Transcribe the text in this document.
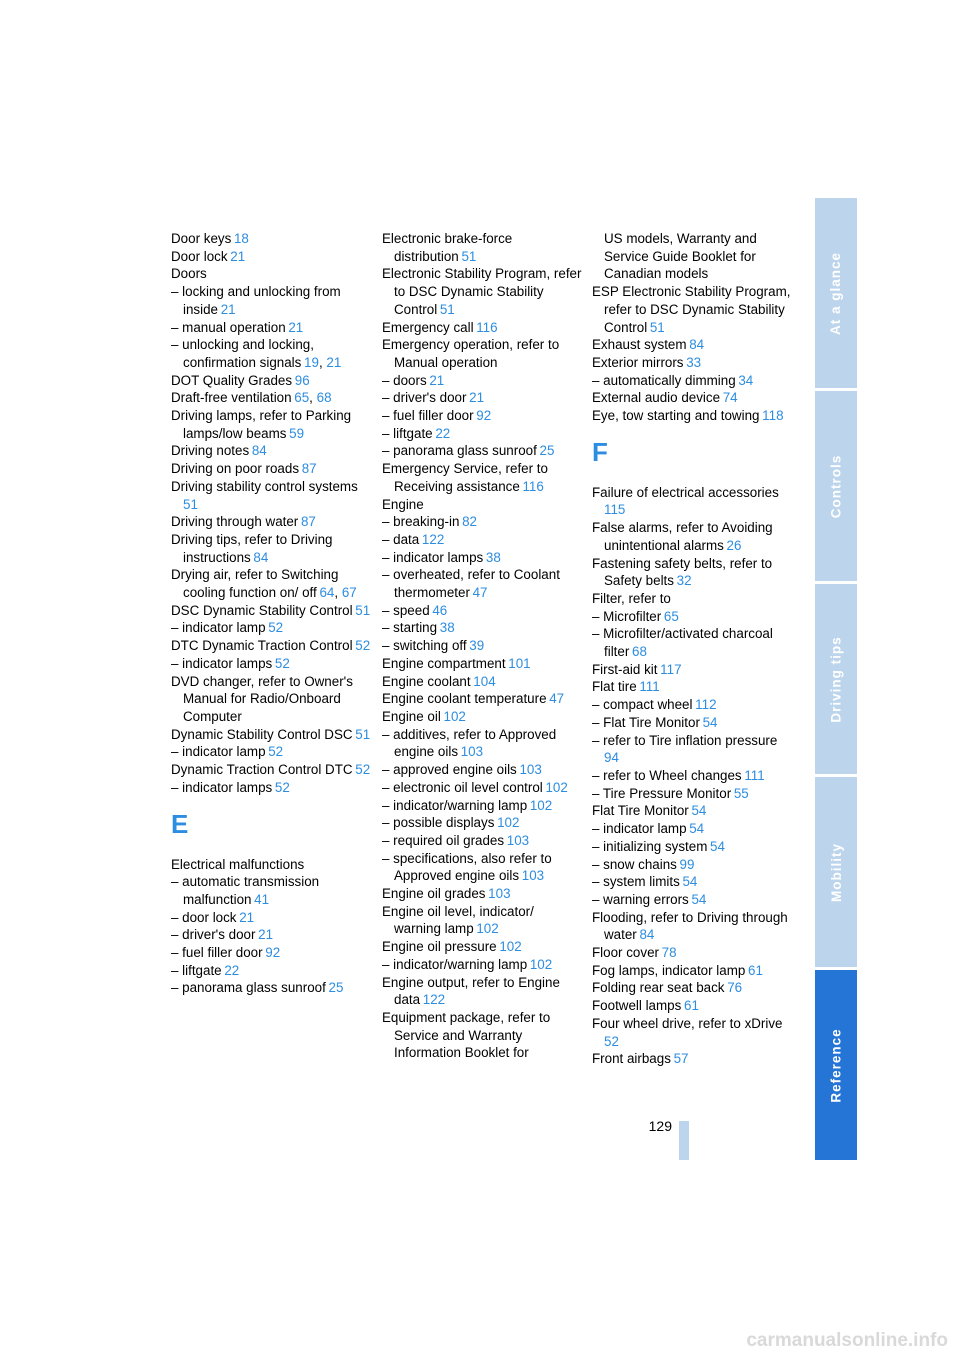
Door keys  18
Door lock  21
Doors
– locking and unlocking from inside  21
– manual operation  21
– unlocking and locking, confirmation signals  19, 21
DOT Quality Grades  96
Draft-free ventilation  65, 68
Driving lamps, refer to Parking lamps/low beams  59
Driving notes  84
Driving on poor roads  87
Driving stability control systems 51
Driving through water  87
Driving tips, refer to Driving instructions  84
Drying air, refer to Switching cooling function on/ off  64, 67
DSC Dynamic Stability Control  51
– indicator lamp  52
DTC Dynamic Traction Control  52
– indicator lamps  52
DVD changer, refer to Owner's Manual for Radio/Onboard Computer
Dynamic Stability Control DSC  51
– indicator lamp  52
Dynamic Traction Control DTC  52
– indicator lamps  52
E
Electrical malfunctions
– automatic transmission malfunction  41
– door lock  21
– driver's door  21
– fuel filler door  92
– liftgate  22
– panorama glass sunroof  25
Electronic brake-force distribution  51
Electronic Stability Program, refer to DSC Dynamic Stability Control  51
Emergency call  116
Emergency operation, refer to Manual operation
– doors  21
– driver's door  21
– fuel filler door  92
– liftgate  22
– panorama glass sunroof  25
Emergency Service, refer to Receiving assistance  116
Engine
– breaking-in  82
– data  122
– indicator lamps  38
– overheated, refer to Coolant thermometer  47
– speed  46
– starting  38
– switching off  39
Engine compartment  101
Engine coolant  104
Engine coolant temperature  47
Engine oil  102
– additives, refer to Approved engine oils  103
– approved engine oils  103
– electronic oil level control  102
– indicator/warning lamp  102
– possible displays  102
– required oil grades  103
– specifications, also refer to Approved engine oils  103
Engine oil grades  103
Engine oil level, indicator/ warning lamp  102
Engine oil pressure  102
– indicator/warning lamp  102
Engine output, refer to Engine data  122
Equipment package, refer to Service and Warranty Information Booklet for
US models, Warranty and Service Guide Booklet for Canadian models
ESP Electronic Stability Program, refer to DSC Dynamic Stability Control  51
Exhaust system  84
Exterior mirrors  33
– automatically dimming  34
External audio device  74
Eye, tow starting and towing  118
F
Failure of electrical accessories 115
False alarms, refer to Avoiding unintentional alarms  26
Fastening safety belts, refer to Safety belts  32
Filter, refer to
– Microfilter  65
– Microfilter/activated charcoal filter  68
First-aid kit  117
Flat tire  111
– compact wheel  112
– Flat Tire Monitor  54
– refer to Tire inflation pressure 94
– refer to Wheel changes  111
– Tire Pressure Monitor  55
Flat Tire Monitor  54
– indicator lamp  54
– initializing system  54
– snow chains  99
– system limits  54
– warning errors  54
Flooding, refer to Driving through water  84
Floor cover  78
Fog lamps, indicator lamp  61
Folding rear seat back  76
Footwell lamps  61
Four wheel drive, refer to xDrive 52
Front airbags  57
At a glance
Controls
Driving tips
Mobility
Reference
129
carmanualsonline.info
